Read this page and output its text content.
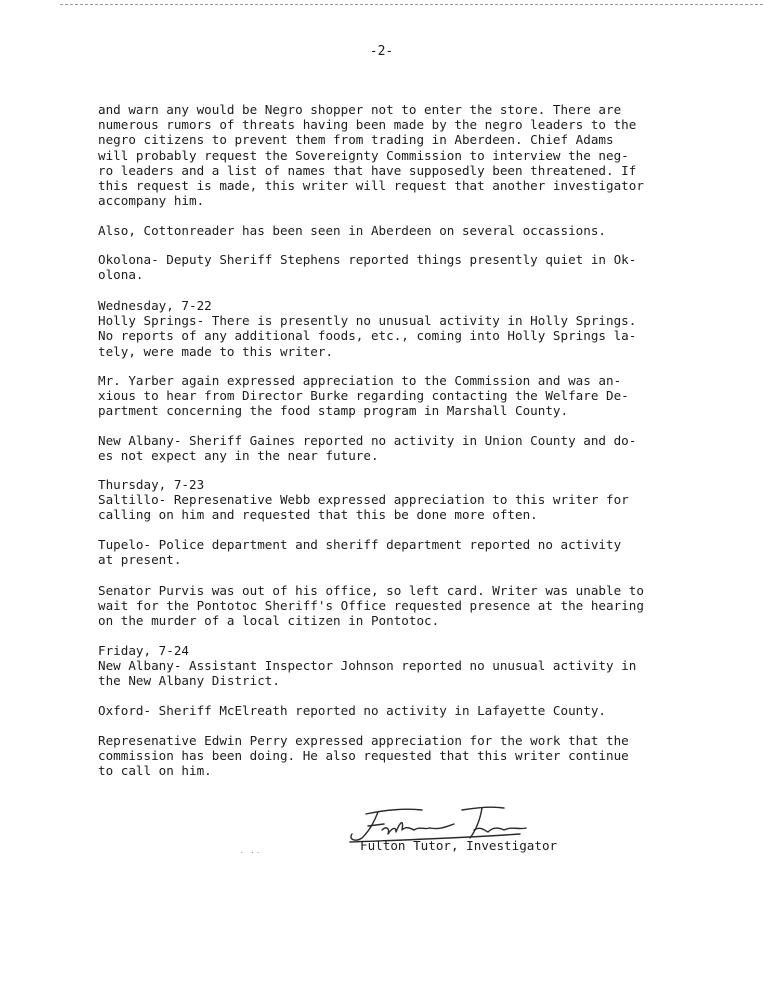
-2-
and warn any would be Negro shopper not to enter the store. There are
numerous rumors of threats having been made by the negro leaders to the
negro citizens to prevent them from trading in Aberdeen. Chief Adams
will probably request the Sovereignty Commission to interview the neg-
ro leaders and a list of names that have supposedly been threatened. If
this request is made, this writer will request that another investigator
accompany him.
Also, Cottonreader has been seen in Aberdeen on several occassions.
Okolona- Deputy Sheriff Stephens reported things presently quiet in Ok-
olona.
Wednesday, 7-22
Holly Springs- There is presently no unusual activity in Holly Springs.
No reports of any additional foods, etc., coming into Holly Springs la-
tely, were made to this writer.
Mr. Yarber again expressed appreciation to the Commission and was an-
xious to hear from Director Burke regarding contacting the Welfare De-
partment concerning the food stamp program in Marshall County.
New Albany- Sheriff Gaines reported no activity in Union County and do-
es not expect any in the near future.
Thursday, 7-23
Saltillo- Represenative Webb expressed appreciation to this writer for
calling on him and requested that this be done more often.
Tupelo- Police department and sheriff department reported no activity
at present.
Senator Purvis was out of his office, so left card. Writer was unable to
wait for the Pontotoc Sheriff's Office requested presence at the hearing
on the murder of a local citizen in Pontotoc.
Friday, 7-24
New Albany- Assistant Inspector Johnson reported no unusual activity in
the New Albany District.
Oxford- Sheriff McElreath reported no activity in Lafayette County.
Represenative Edwin Perry expressed appreciation for the work that the
commission has been doing. He also requested that this writer continue
to call on him.
Fulton Tutor, Investigator
˙ ˙˙
